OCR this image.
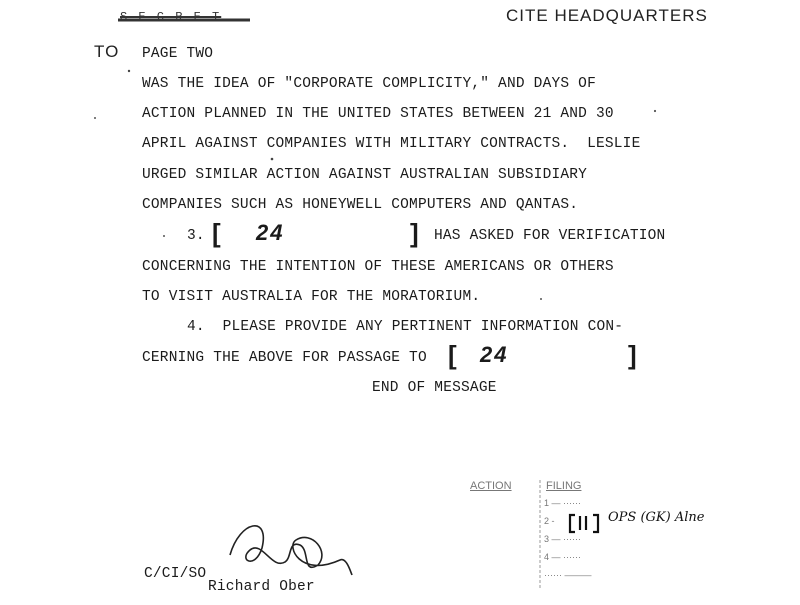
S-E-C-R-E-T	CITE HEADQUARTERS
TO PAGE TWO
WAS THE IDEA OF "CORPORATE COMPLICITY," AND DAYS OF
ACTION PLANNED IN THE UNITED STATES BETWEEN 21 AND 30
APRIL AGAINST COMPANIES WITH MILITARY CONTRACTS.  LESLIE
URGED SIMILAR ACTION AGAINST AUSTRALIAN SUBSIDIARY
COMPANIES SUCH AS HONEYWELL COMPUTERS AND QANTAS.
3. [ 24	] HAS ASKED FOR VERIFICATION
CONCERNING THE INTENTION OF THESE AMERICANS OR OTHERS
TO VISIT AUSTRALIA FOR THE MORATORIUM.
4.  PLEASE PROVIDE ANY PERTINENT INFORMATION CON-
CERNING THE ABOVE FOR PASSAGE TO [ 24	]
END OF MESSAGE
ACTION	FILING
1 — ······
2 -	OPS (GK) Alne
3 — ······
4 — ······
······ ———
C/CI/SO
Richard Ober
